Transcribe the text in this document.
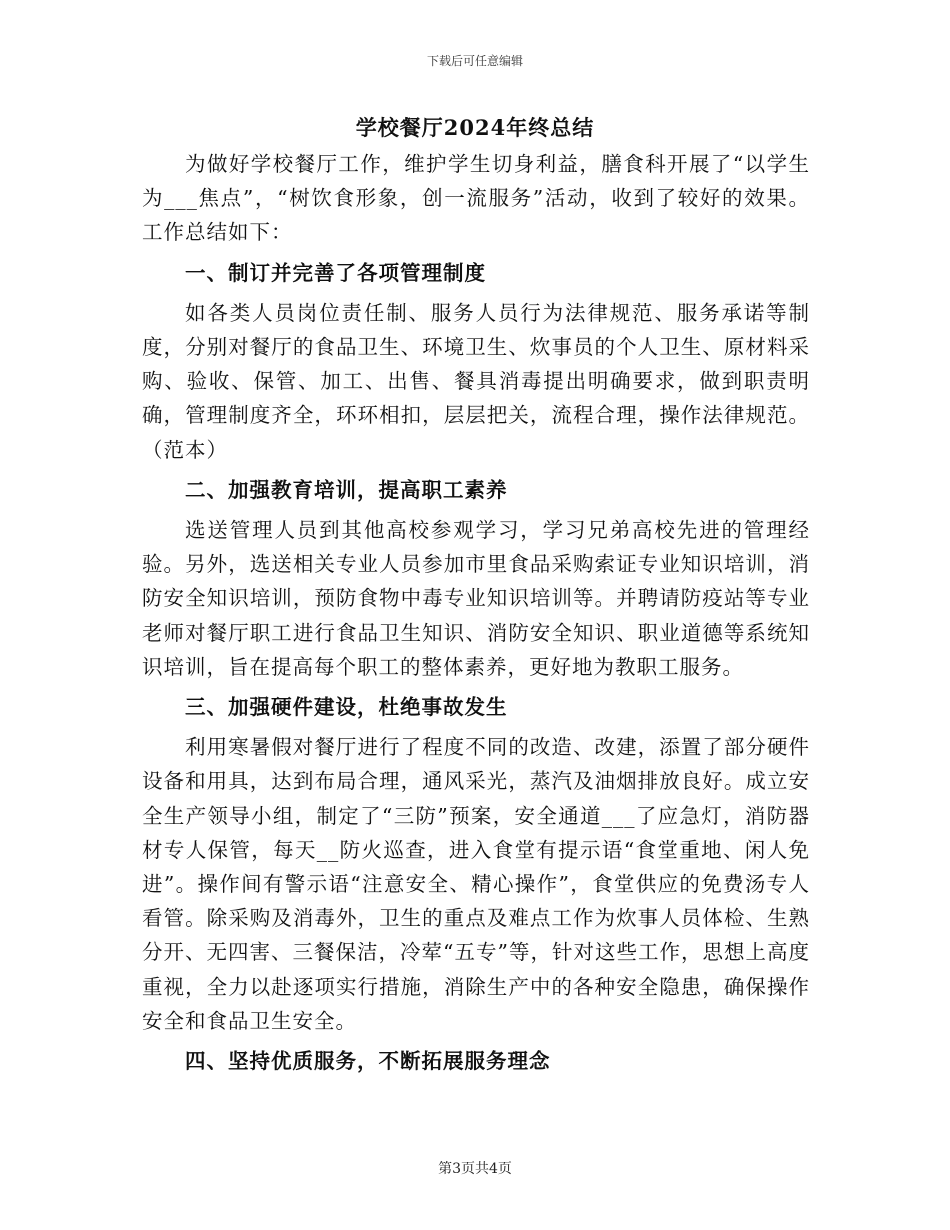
下载后可任意编辑
学校餐厅2024年终总结

为做好学校餐厅工作，维护学生切身利益，膳食科开展了“以学生为___焦点”，“树饮食形象，创一流服务”活动，收到了较好的效果。工作总结如下：

一、制订并完善了各项管理制度

如各类人员岗位责任制、服务人员行为法律规范、服务承诺等制度，分别对餐厅的食品卫生、环境卫生、炊事员的个人卫生、原材料采购、验收、保管、加工、出售、餐具消毒提出明确要求，做到职责明确，管理制度齐全，环环相扣，层层把关，流程合理，操作法律规范。（范本）

二、加强教育培训，提高职工素养

选送管理人员到其他高校参观学习，学习兄弟高校先进的管理经验。另外，选送相关专业人员参加市里食品采购索证专业知识培训，消防安全知识培训，预防食物中毒专业知识培训等。并聘请防疫站等专业老师对餐厅职工进行食品卫生知识、消防安全知识、职业道德等系统知识培训，旨在提高每个职工的整体素养，更好地为教职工服务。

三、加强硬件建设，杜绝事故发生

利用寒暑假对餐厅进行了程度不同的改造、改建，添置了部分硬件设备和用具，达到布局合理，通风采光，蒸汽及油烟排放良好。成立安全生产领导小组，制定了“三防”预案，安全通道___了应急灯，消防器材专人保管，每天__防火巡查，进入食堂有提示语“食堂重地、闲人免进”。操作间有警示语“注意安全、精心操作”，食堂供应的免费汤专人看管。除采购及消毒外，卫生的重点及难点工作为炊事人员体检、生熟分开、无四害、三餐保洁，冷荤“五专”等，针对这些工作，思想上高度重视，全力以赴逐项实行措施，消除生产中的各种安全隐患，确保操作安全和食品卫生安全。

四、坚持优质服务，不断拓展服务理念
第3页共4页
